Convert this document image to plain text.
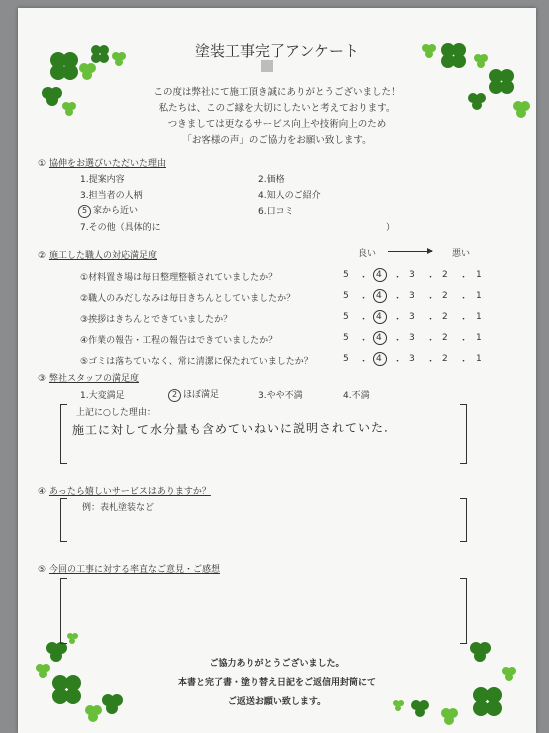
塗装工事完了アンケート
この度は弊社にて施工頂き誠にありがとうございました！
私たちは、このご縁を大切にしたいと考えております。
つきましては更なるサービス向上や技術向上のため
「お客様の声」のご協力をお願い致します。
① 協伸をお選びいただいた理由
1.提案内容	2.価格
3.担当者の人柄	4.知人のご紹介
5 家から近い	6.口コミ
7.その他（具体的に	）
② 施工した職人の対応満足度	良い	悪い
①材料置き場は毎日整理整頓されていましたか？	5 ・ 4 ・ 3 ・ 2 ・ 1
②職人のみだしなみは毎日きちんとしていましたか？	5 ・ 4 ・ 3 ・ 2 ・ 1
③挨拶はきちんとできていましたか？	5 ・ 4 ・ 3 ・ 2 ・ 1
④作業の報告・工程の報告はできていましたか？	5 ・ 4 ・ 3 ・ 2 ・ 1
⑤ゴミは落ちていなく、常に清潔に保たれていましたか？	5 ・ 4 ・ 3 ・ 2 ・ 1
③ 弊社スタッフの満足度
1.大変満足	2 ほぼ満足	3.やや不満	4.不満
上記に○した理由：
施工に対して水分量も含めていねいに説明されていた.
④ あったら嬉しいサービスはありますか？
例：表札塗装など
⑤ 今回の工事に対する率直なご意見・ご感想
ご協力ありがとうございました。
本書と完了書・塗り替え日記をご返信用封筒にて
ご返送お願い致します。
